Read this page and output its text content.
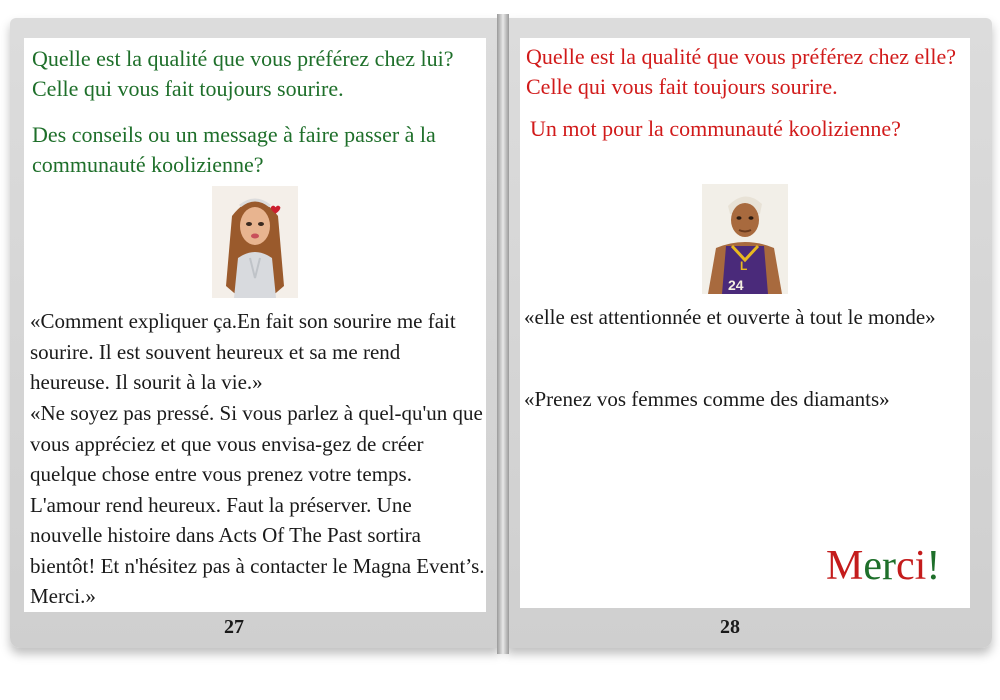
Quelle est la qualité que vous préférez chez lui? Celle qui vous fait toujours sourire.

Des conseils ou un message à faire passer à la communauté koolizienne?

«Comment expliquer ça.En fait son sourire me fait sourire. Il est souvent heureux et sa me rend heureuse. Il sourit à la vie.»

«Ne soyez pas pressé. Si vous parlez à quel-qu'un que vous appréciez et que vous envisa-gez de créer quelque chose entre vous prenez votre temps. L'amour rend heureux. Faut la préserver. Une nouvelle histoire dans Acts Of The Past sortira bientôt! Et n'hésitez pas à contacter le Magna Event’s. Merci.»

27

Quelle est la qualité que vous préférez chez elle? Celle qui vous fait toujours sourire.

Un mot pour la communauté koolizienne?

L
24

«elle est attentionnée et ouverte à tout le monde»

«Prenez vos femmes comme des diamants»

Merci!
28
